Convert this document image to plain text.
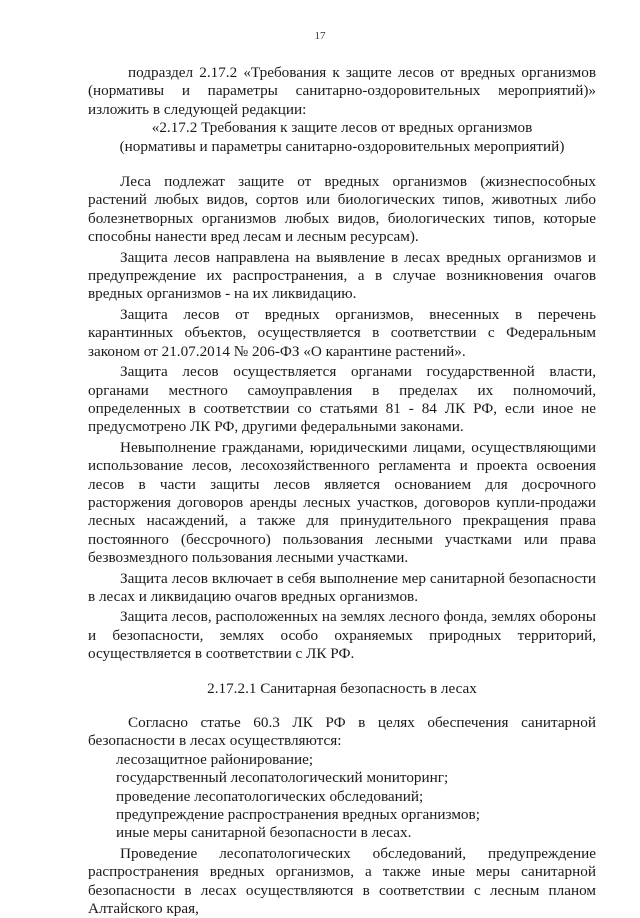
17

подраздел 2.17.2 «Требования к защите лесов от вредных организмов (нормативы и параметры санитарно-оздоровительных мероприятий)» изложить в следующей редакции:

«2.17.2 Требования к защите лесов от вредных организмов
(нормативы и параметры санитарно-оздоровительных мероприятий)

Леса подлежат защите от вредных организмов (жизнеспособных растений любых видов, сортов или биологических типов, животных либо болезнетворных организмов любых видов, биологических типов, которые способны нанести вред лесам и лесным ресурсам).

Защита лесов направлена на выявление в лесах вредных организмов и предупреждение их распространения, а в случае возникновения очагов вредных организмов - на их ликвидацию.

Защита лесов от вредных организмов, внесенных в перечень карантинных объектов, осуществляется в соответствии с Федеральным законом от 21.07.2014 № 206-ФЗ «О карантине растений».

Защита лесов осуществляется органами государственной власти, органами местного самоуправления в пределах их полномочий, определенных в соответствии со статьями 81 - 84 ЛК РФ, если иное не предусмотрено ЛК РФ, другими федеральными законами.

Невыполнение гражданами, юридическими лицами, осуществляющими использование лесов, лесохозяйственного регламента и проекта освоения лесов в части защиты лесов является основанием для досрочного расторжения договоров аренды лесных участков, договоров купли-продажи лесных насаждений, а также для принудительного прекращения права постоянного (бессрочного) пользования лесными участками или права безвозмездного пользования лесными участками.

Защита лесов включает в себя выполнение мер санитарной безопасности в лесах и ликвидацию очагов вредных организмов.

Защита лесов, расположенных на землях лесного фонда, землях обороны и безопасности, землях особо охраняемых природных территорий, осуществляется в соответствии с ЛК РФ.

2.17.2.1 Санитарная безопасность в лесах

Согласно статье 60.3 ЛК РФ в целях обеспечения санитарной безопасности в лесах осуществляются:

лесозащитное районирование;

государственный лесопатологический мониторинг;

проведение лесопатологических обследований;

предупреждение распространения вредных организмов;

иные меры санитарной безопасности в лесах.

Проведение лесопатологических обследований, предупреждение распространения вредных организмов, а также иные меры санитарной безопасности в лесах осуществляются в соответствии с лесным планом Алтайского края,
